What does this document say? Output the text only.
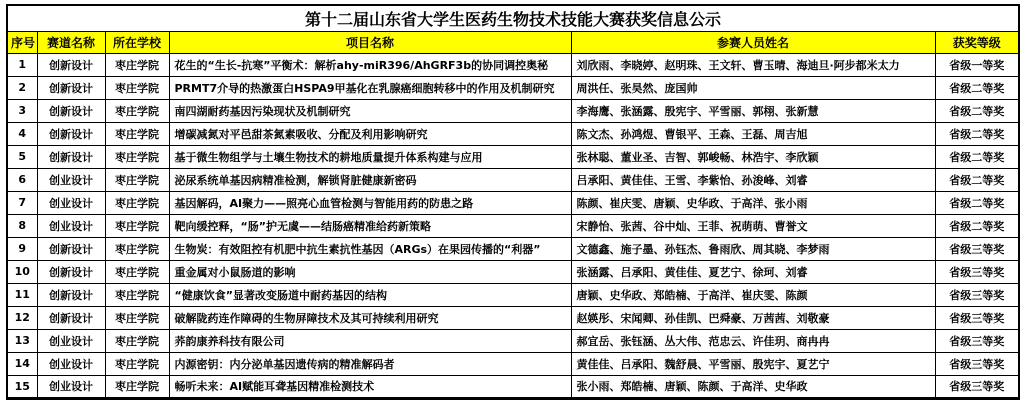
第十二届山东省大学生医药生物技术技能大赛获奖信息公示					
序号	赛道名称	所在学校	项目名称	参赛人员姓名	获奖等级
1	创新设计	枣庄学院	花生的“生长-抗寒”平衡术：解析ahy-miR396/AhGRF3b的协同调控奥秘	刘欣雨、李晓婷、赵明珠、王文轩、曹玉晴、海迪旦·阿步都米太力	省级一等奖
2	创新设计	枣庄学院	PRMT7介导的热激蛋白HSPA9甲基化在乳腺癌细胞转移中的作用及机制研究	周洪任、张昊然、庞国帅	省级二等奖
3	创新设计	枣庄学院	南四湖耐药基因污染现状及机制研究	李海鹰、张涵露、殷宪宇、平雪丽、郭栩、张新慧	省级二等奖
4	创新设计	枣庄学院	增碳减氮对平邑甜茶氮素吸收、分配及利用影响研究	陈文杰、孙鸿煜、曹银平、王森、王磊、周吉旭	省级二等奖
5	创新设计	枣庄学院	基于微生物组学与土壤生物技术的耕地质量提升体系构建与应用	张林聪、董业圣、吉智、郭峻畅、林浩宇、李欣颖	省级二等奖
6	创业设计	枣庄学院	泌尿系统单基因病精准检测，解锁肾脏健康新密码	吕承阳、黄佳佳、王雪、李紫怡、孙浚峰、刘睿	省级二等奖
7	创业设计	枣庄学院	基因解码，AI聚力——照亮心血管检测与智能用药的防患之路	陈颜、崔庆雯、唐颖、史华政、于高洋、张小雨	省级二等奖
8	创业设计	枣庄学院	靶向缓控释，“肠”护无虞——结肠癌精准给药新策略	宋静怡、张茜、谷中灿、王菲、祝萌萌、曹誉文	省级二等奖
9	创新设计	枣庄学院	生物炭：有效阻控有机肥中抗生素抗性基因（ARGs）在果园传播的“利器”	文德鑫、施子墨、孙钰杰、鲁雨欣、周其晓、李梦雨	省级三等奖
10	创新设计	枣庄学院	重金属对小鼠肠道的影响	张涵露、吕承阳、黄佳佳、夏艺宁、徐珂、刘睿	省级三等奖
11	创新设计	枣庄学院	“健康饮食”显著改变肠道中耐药基因的结构	唐颖、史华政、郑皓楠、于高洋、崔庆雯、陈颜	省级三等奖
12	创新设计	枣庄学院	破解陇药连作障碍的生物屏障技术及其可持续利用研究	赵媖彤、宋闻卿、孙佳凯、巴舜豪、万茜茜、刘敬豪	省级三等奖
13	创业设计	枣庄学院	荞韵康养科技有限公司	郝宜岳、张钰涵、丛大伟、范忠云、许佳玥、商冉冉	省级三等奖
14	创业设计	枣庄学院	内源密钥：内分泌单基因遗传病的精准解码者	黄佳佳、吕承阳、魏舒晨、平雪丽、殷宪宇、夏艺宁	省级三等奖
15	创业设计	枣庄学院	畅听未来：AI赋能耳聋基因精准检测技术	张小雨、郑皓楠、唐颖、陈颜、于高洋、史华政	省级三等奖
